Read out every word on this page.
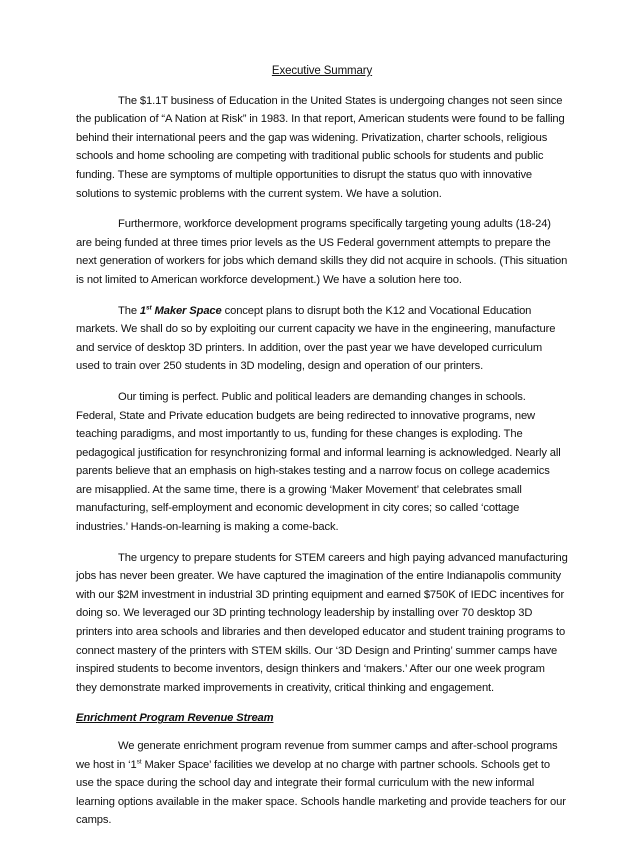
Executive Summary

The $1.1T business of Education in the United States is undergoing changes not seen since the publication of “A Nation at Risk” in 1983. In that report, American students were found to be falling behind their international peers and the gap was widening. Privatization, charter schools, religious schools and home schooling are competing with traditional public schools for students and public funding. These are symptoms of multiple opportunities to disrupt the status quo with innovative solutions to systemic problems with the current system. We have a solution.

Furthermore, workforce development programs specifically targeting young adults (18-24) are being funded at three times prior levels as the US Federal government attempts to prepare the next generation of workers for jobs which demand skills they did not acquire in schools. (This situation is not limited to American workforce development.) We have a solution here too.

The 1st Maker Space concept plans to disrupt both the K12 and Vocational Education markets. We shall do so by exploiting our current capacity we have in the engineering, manufacture and service of desktop 3D printers. In addition, over the past year we have developed curriculum used to train over 250 students in 3D modeling, design and operation of our printers.

Our timing is perfect. Public and political leaders are demanding changes in schools. Federal, State and Private education budgets are being redirected to innovative programs, new teaching paradigms, and most importantly to us, funding for these changes is exploding. The pedagogical justification for resynchronizing formal and informal learning is acknowledged. Nearly all parents believe that an emphasis on high-stakes testing and a narrow focus on college academics are misapplied. At the same time, there is a growing ‘Maker Movement’ that celebrates small manufacturing, self-employment and economic development in city cores; so called ‘cottage industries.’ Hands-on-learning is making a come-back.

The urgency to prepare students for STEM careers and high paying advanced manufacturing jobs has never been greater. We have captured the imagination of the entire Indianapolis community with our $2M investment in industrial 3D printing equipment and earned $750K of IEDC incentives for doing so. We leveraged our 3D printing technology leadership by installing over 70 desktop 3D printers into area schools and libraries and then developed educator and student training programs to connect mastery of the printers with STEM skills. Our ‘3D Design and Printing’ summer camps have inspired students to become inventors, design thinkers and ‘makers.’ After our one week program they demonstrate marked improvements in creativity, critical thinking and engagement.

Enrichment Program Revenue Stream

We generate enrichment program revenue from summer camps and after-school programs we host in ‘1st Maker Space’ facilities we develop at no charge with partner schools. Schools get to use the space during the school day and integrate their formal curriculum with the new informal learning options available in the maker space. Schools handle marketing and provide teachers for our camps.
